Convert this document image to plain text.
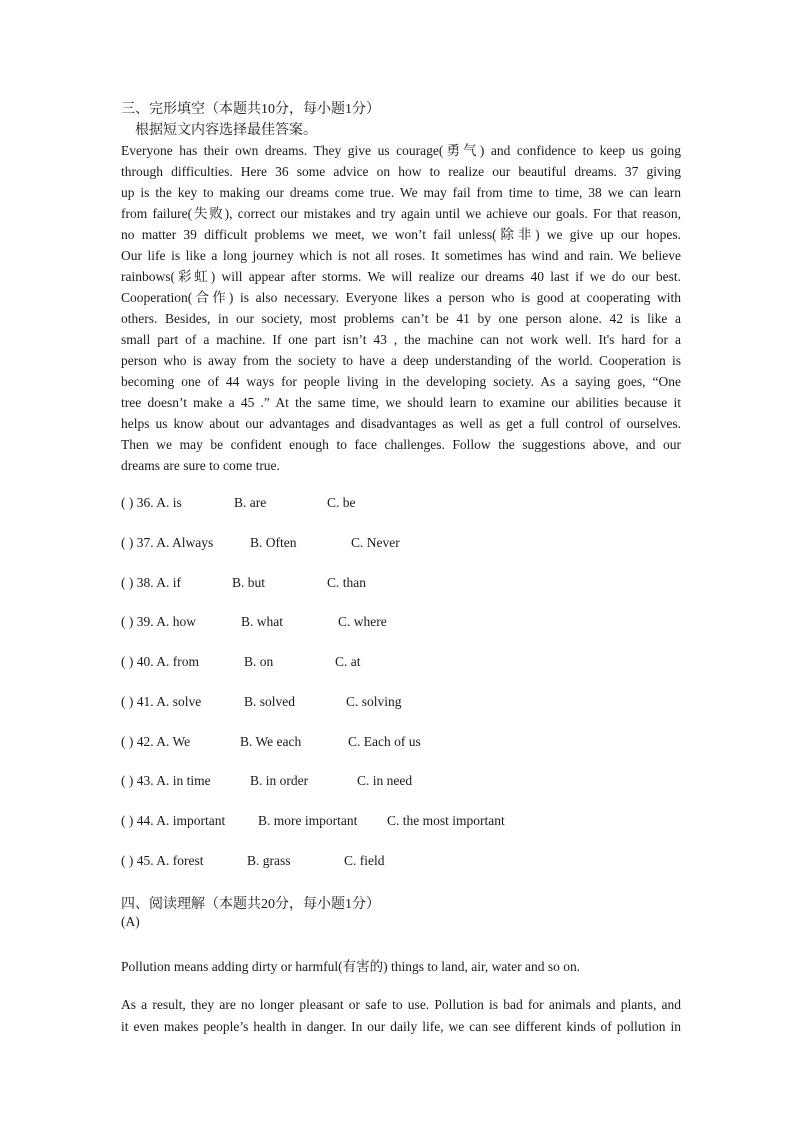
三、完形填空（本题共10分，每小题1分）
根据短文内容选择最佳答案。
Everyone has their own dreams. They give us courage(勇气) and confidence to keep us going
through difficulties. Here 36 some advice on how to realize our beautiful dreams. 37 giving
up is the key to making our dreams come true. We may fail from time to time, 38 we can learn
from failure(失败), correct our mistakes and try again until we achieve our goals. For that reason,
no matter 39 difficult problems we meet, we won’t fail unless(除非) we give up our hopes.
Our life is like a long journey which is not all roses. It sometimes has wind and rain. We believe
rainbows(彩虹) will appear after storms. We will realize our dreams 40 last if we do our best.
Cooperation(合作) is also necessary. Everyone likes a person who is good at cooperating with
others. Besides, in our society, most problems can’t be 41 by one person alone. 42 is like a
small part of a machine. If one part isn’t 43 , the machine can not work well. It's hard for a
person who is away from the society to have a deep understanding of the world. Cooperation is
becoming one of 44 ways for people living in the developing society. As a saying goes, “One
tree doesn’t make a 45 .” At the same time, we should learn to examine our abilities because it
helps us know about our advantages and disadvantages as well as get a full control of ourselves.
Then we may be confident enough to face challenges. Follow the suggestions above, and our
dreams are sure to come true.
( ) 36. A. is	B. are	C. be
( ) 37. A. Always	B. Often	C. Never
( ) 38. A. if	B. but	C. than
( ) 39. A. how	B. what	C. where
( ) 40. A. from	B. on	C. at
( ) 41. A. solve	B. solved	C. solving
( ) 42. A. We	B. We each	C. Each of us
( ) 43. A. in time	B. in order	C. in need
( ) 44. A. important B. more important C. the most important
( ) 45. A. forest	B. grass	C. field
四、阅读理解（本题共20分，每小题1分）
(A)
Pollution means adding dirty or harmful(有害的) things to land, air, water and so on.
As a result, they are no longer pleasant or safe to use. Pollution is bad for animals and plants, and
it even makes people’s health in danger. In our daily life, we can see different kinds of pollution in
